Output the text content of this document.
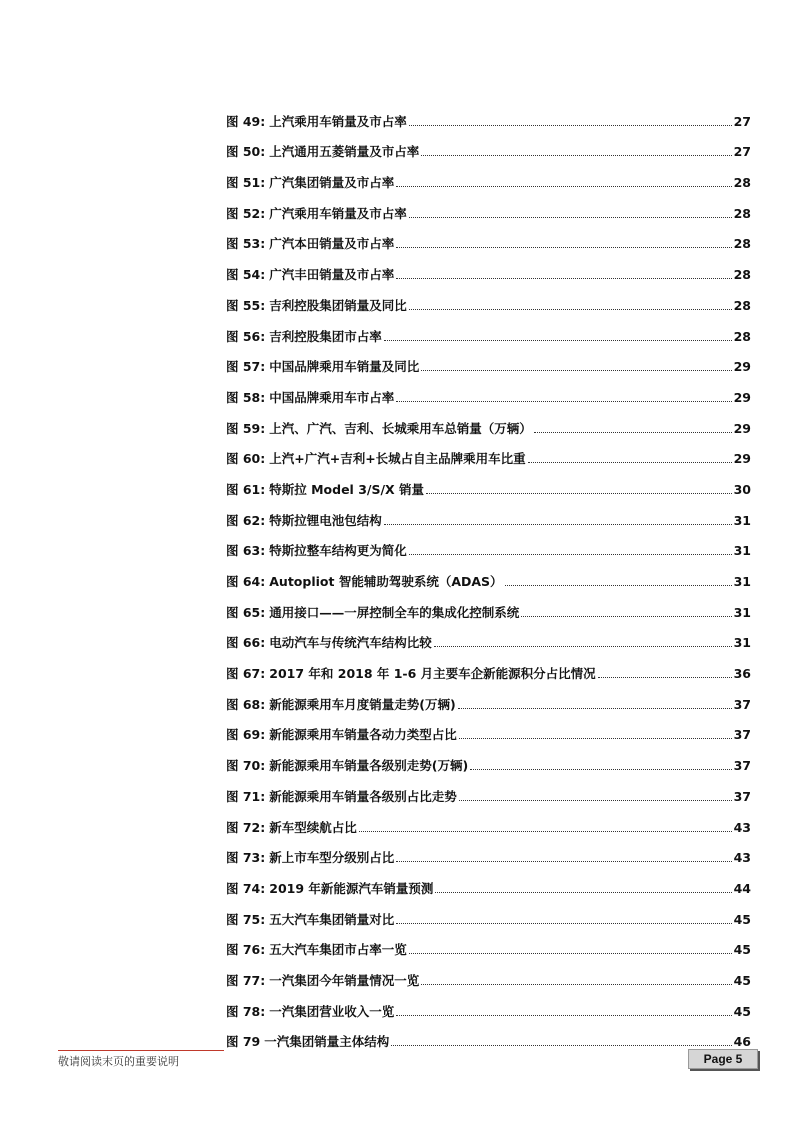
图 49: 上汽乘用车销量及市占率	27
图 50: 上汽通用五菱销量及市占率	27
图 51: 广汽集团销量及市占率	28
图 52: 广汽乘用车销量及市占率	28
图 53: 广汽本田销量及市占率	28
图 54: 广汽丰田销量及市占率	28
图 55: 吉利控股集团销量及同比	28
图 56: 吉利控股集团市占率	28
图 57: 中国品牌乘用车销量及同比	29
图 58: 中国品牌乘用车市占率	29
图 59: 上汽、广汽、吉利、长城乘用车总销量（万辆）	29
图 60: 上汽+广汽+吉利+长城占自主品牌乘用车比重	29
图 61: 特斯拉 Model 3/S/X 销量	30
图 62: 特斯拉锂电池包结构	31
图 63: 特斯拉整车结构更为简化	31
图 64: Autopliot 智能辅助驾驶系统（ADAS）	31
图 65: 通用接口——一屏控制全车的集成化控制系统	31
图 66: 电动汽车与传统汽车结构比较	31
图 67: 2017 年和 2018 年 1-6 月主要车企新能源积分占比情况	36
图 68: 新能源乘用车月度销量走势(万辆)	37
图 69: 新能源乘用车销量各动力类型占比	37
图 70: 新能源乘用车销量各级别走势(万辆)	37
图 71: 新能源乘用车销量各级别占比走势	37
图 72: 新车型续航占比	43
图 73: 新上市车型分级别占比	43
图 74: 2019 年新能源汽车销量预测	44
图 75: 五大汽车集团销量对比	45
图 76: 五大汽车集团市占率一览	45
图 77: 一汽集团今年销量情况一览	45
图 78: 一汽集团营业收入一览	45
图 79 一汽集团销量主体结构	46
敬请阅读末页的重要说明	Page 5
